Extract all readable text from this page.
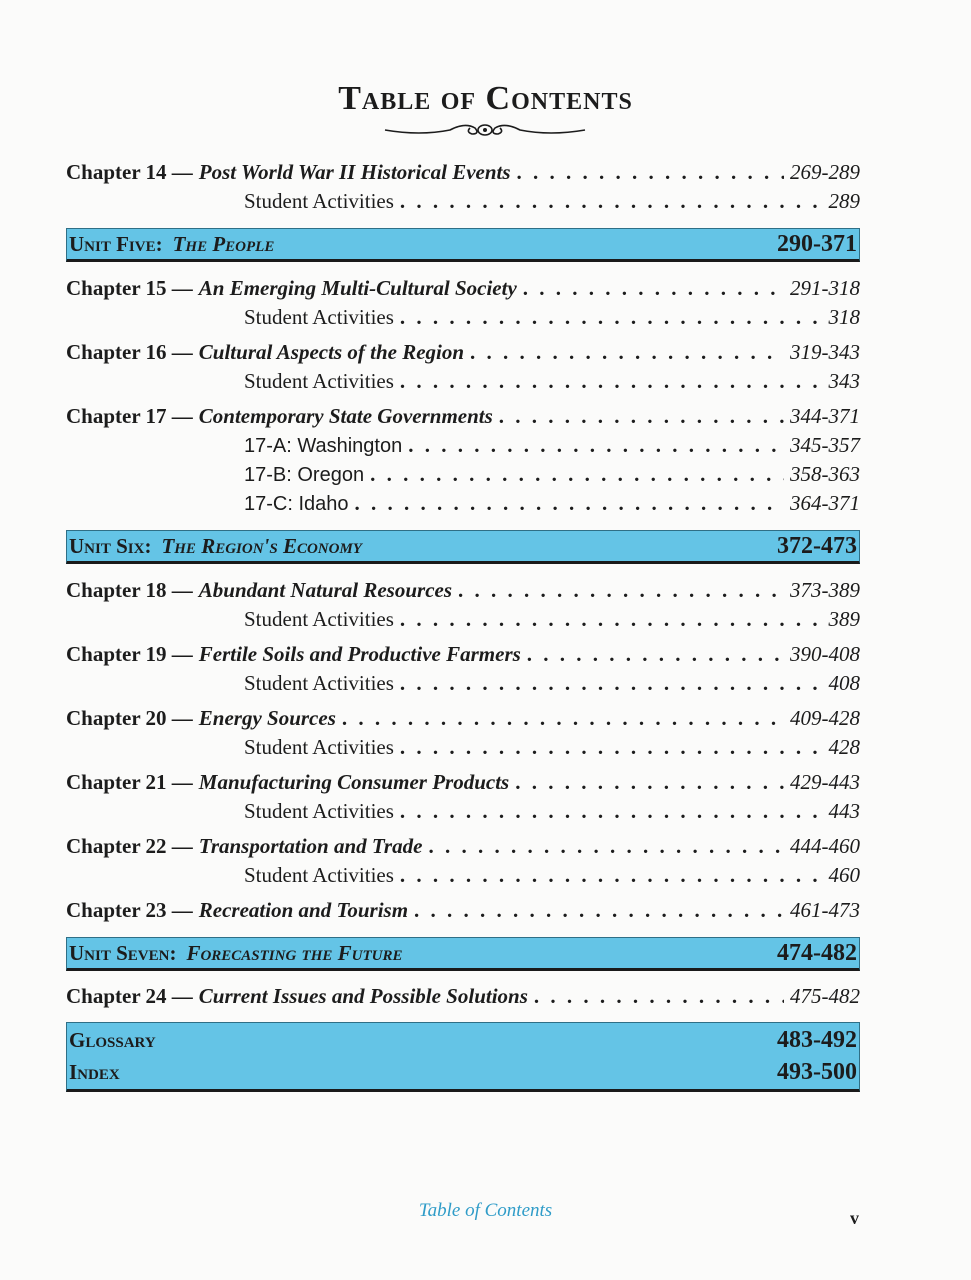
Table of Contents
Chapter 14 — Post World War II Historical Events . . .	269-289
Student Activities . . .	289
Unit Five: The People	290-371
Chapter 15 — An Emerging Multi-Cultural Society . . .	291-318
Student Activities . . .	318
Chapter 16 — Cultural Aspects of the Region . . .	319-343
Student Activities . . .	343
Chapter 17 — Contemporary State Governments . . .	344-371
17-A: Washington . . .	345-357
17-B: Oregon . . .	358-363
17-C: Idaho . . .	364-371
Unit Six: The Region's Economy	372-473
Chapter 18 — Abundant Natural Resources . . .	373-389
Student Activities . . .	389
Chapter 19 — Fertile Soils and Productive Farmers . . .	390-408
Student Activities . . .	408
Chapter 20 — Energy Sources . . .	409-428
Student Activities . . .	428
Chapter 21 — Manufacturing Consumer Products . . .	429-443
Student Activities . . .	443
Chapter 22 — Transportation and Trade . . .	444-460
Student Activities . . .	460
Chapter 23 — Recreation and Tourism . . .	461-473
Unit Seven: Forecasting the Future	474-482
Chapter 24 — Current Issues and Possible Solutions . . .	475-482
Glossary	483-492
Index	493-500
Table of Contents	v
